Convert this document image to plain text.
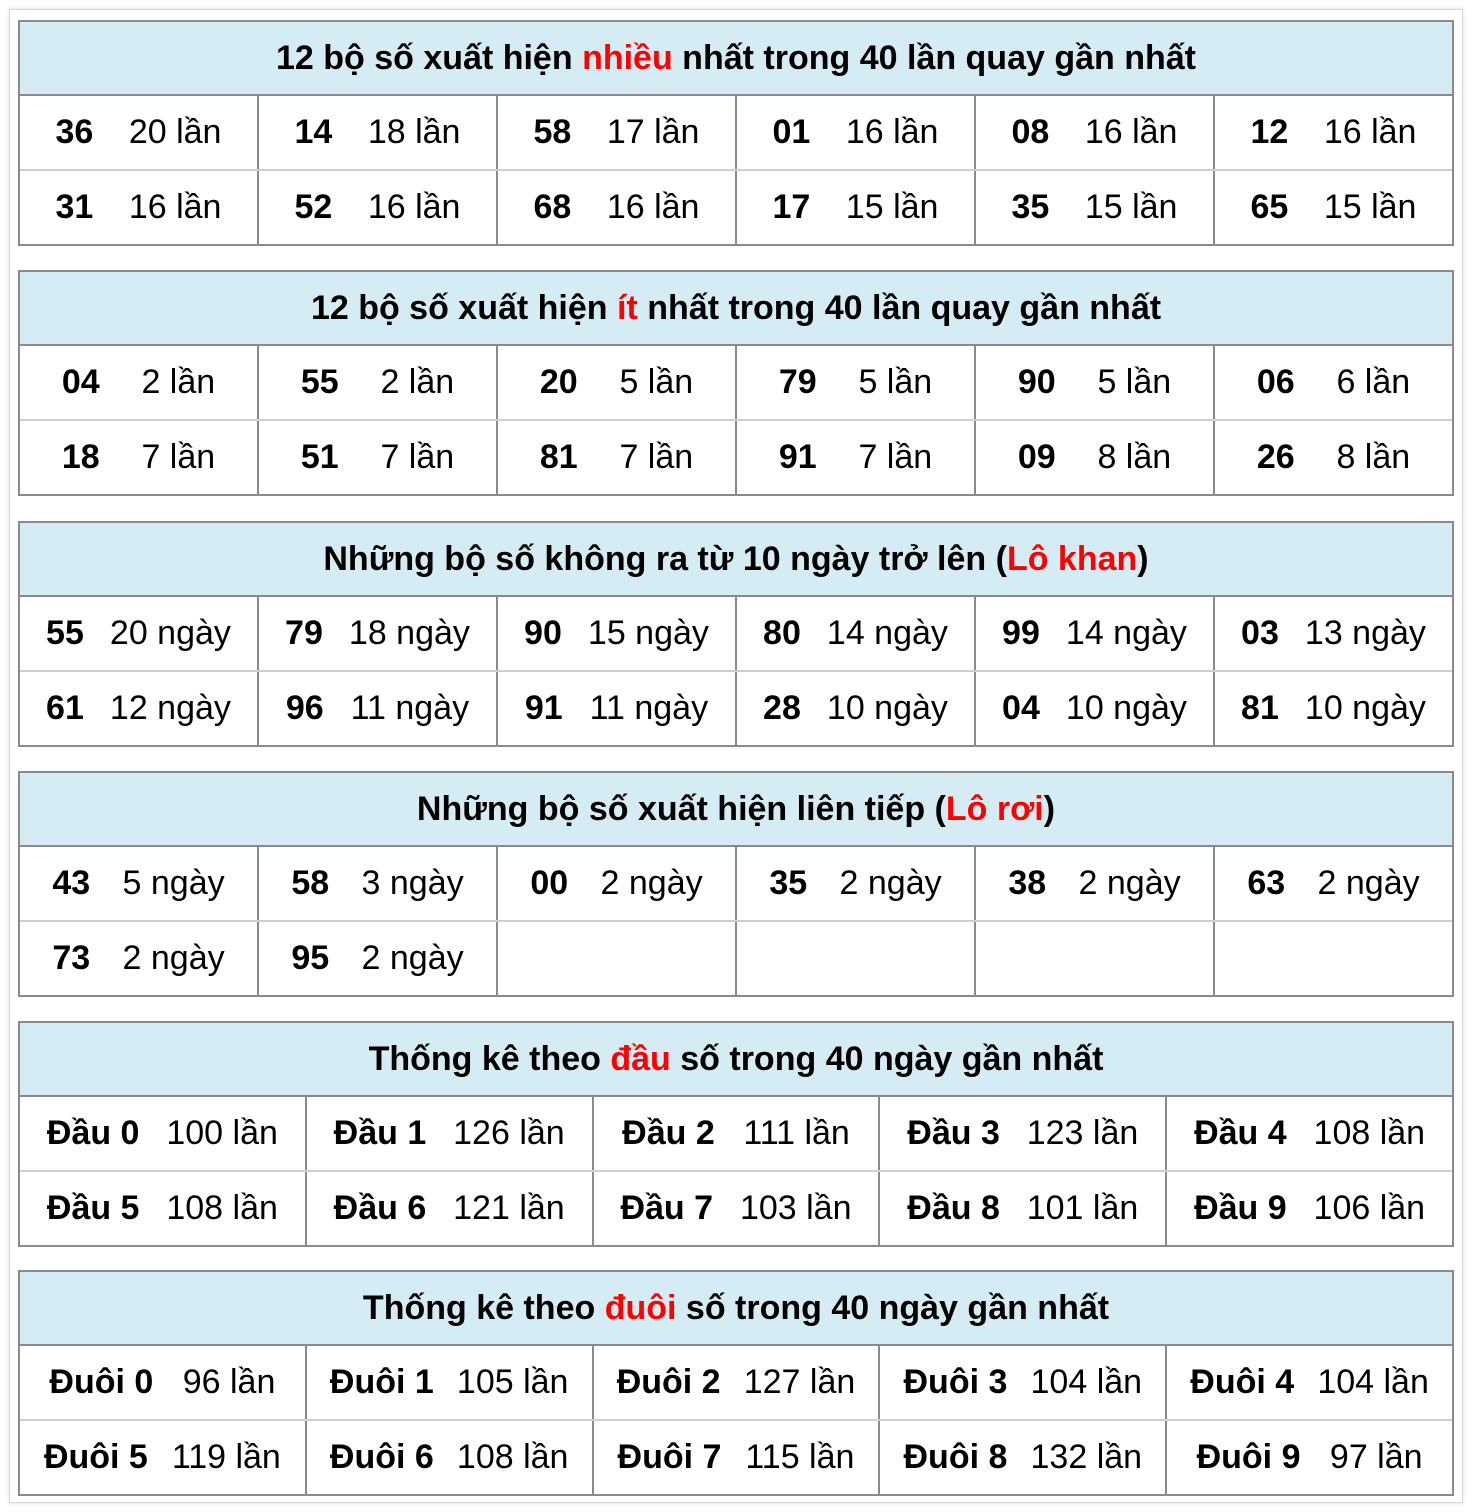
12 bộ số xuất hiện nhiều nhất trong 40 lần quay gần nhất
36 20 lần 14 18 lần 58 17 lần 01 16 lần 08 16 lần 12 16 lần
31 16 lần 52 16 lần 68 16 lần 17 15 lần 35 15 lần 65 15 lần
12 bộ số xuất hiện ít nhất trong 40 lần quay gần nhất
04 2 lần	55 2 lần	20 5 lần	79 5 lần	90 5 lần	06 6 lần
18 7 lần	51 7 lần	81 7 lần	91 7 lần	09 8 lần	26 8 lần
Những bộ số không ra từ 10 ngày trở lên ( Lô khan )
55 20 ngày 79 18 ngày 90 15 ngày 80 14 ngày 99 14 ngày 03 13 ngày
61 12 ngày 96 11 ngày 91 11 ngày 28 10 ngày 04 10 ngày 81 10 ngày
Những bộ số xuất hiện liên tiếp ( Lô rơi )
43 5 ngày 58 3 ngày 00 2 ngày 35 2 ngày 38 2 ngày 63 2 ngày
73 2 ngày 95 2 ngày
Thống kê theo đầu số trong 40 ngày gần nhất
Đầu 0 100 lần Đầu 1 126 lần Đầu 2 111 lần Đầu 3 123 lần Đầu 4 108 lần
Đầu 5 108 lần Đầu 6 121 lần Đầu 7 103 lần Đầu 8 101 lần Đầu 9 106 lần
Thống kê theo đuôi số trong 40 ngày gần nhất
Đuôi 0 96 lần Đuôi 1 105 lần Đuôi 2 127 lần Đuôi 3 104 lần Đuôi 4 104 lần
Đuôi 5 119 lần Đuôi 6 108 lần Đuôi 7 115 lần Đuôi 8 132 lần Đuôi 9 97 lần
